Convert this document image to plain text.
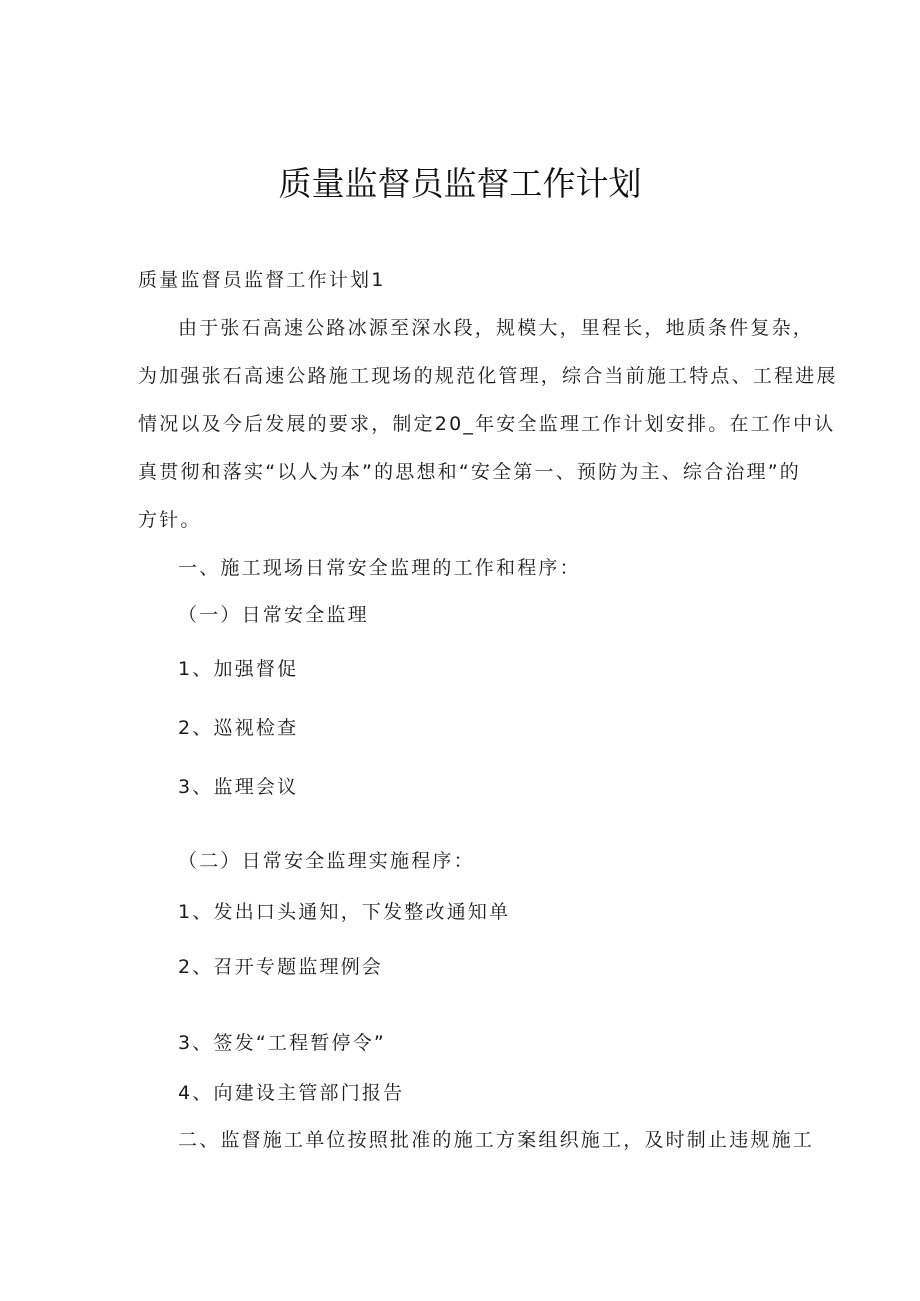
质量监督员监督工作计划

质量监督员监督工作计划1

由于张石高速公路冰源至深水段，规模大，里程长，地质条件复杂，

为加强张石高速公路施工现场的规范化管理，综合当前施工特点、工程进展

情况以及今后发展的要求，制定20_年安全监理工作计划安排。在工作中认

真贯彻和落实“以人为本”的思想和“安全第一、预防为主、综合治理”的

方针。

一、施工现场日常安全监理的工作和程序：

（一）日常安全监理

1、加强督促

2、巡视检查

3、监理会议

（二）日常安全监理实施程序：

1、发出口头通知，下发整改通知单

2、召开专题监理例会

3、签发“工程暂停令”

4、向建设主管部门报告

二、监督施工单位按照批准的施工方案组织施工，及时制止违规施工
